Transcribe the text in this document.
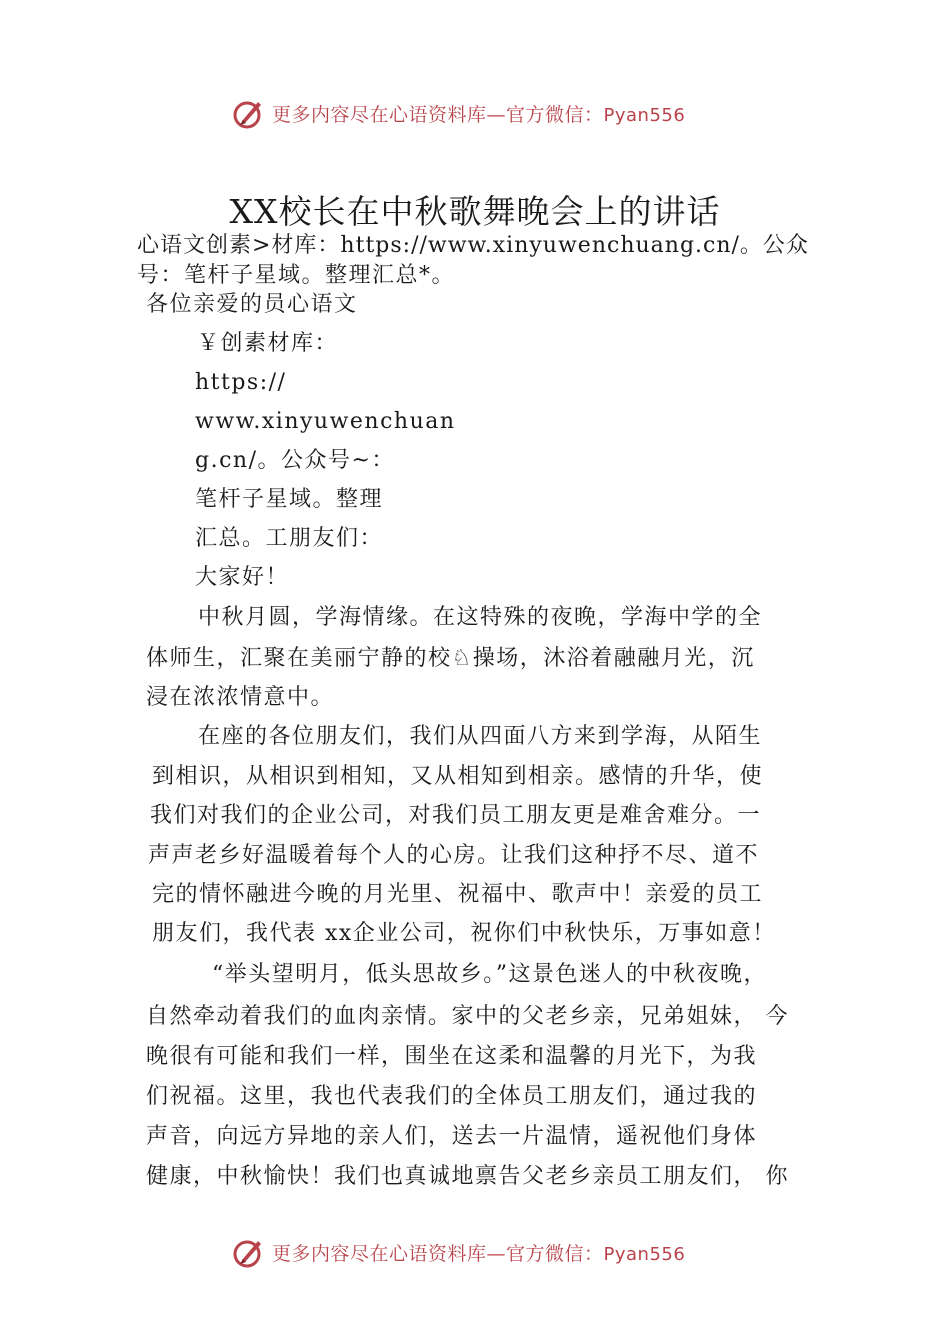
更多内容尽在心语资料库—官方微信：Pyan556
XX校长在中秋歌舞晚会上的讲话
心语文创素>材库：https://www.xinyuwenchuang.cn/。公众
号：笔杆子星域。整理汇总*。
各位亲爱的员心语文
￥创素材库：
https://
www.xinyuwenchuan
g.cn/。公众号~：
笔杆子星域。整理
汇总。工朋友们：
大家好！
中秋月圆，学海情缘。在这特殊的夜晚，学海中学的全
体师生，汇聚在美丽宁静的校♘操场，沐浴着融融月光，沉
浸在浓浓情意中。
在座的各位朋友们，我们从四面八方来到学海，从陌生
到相识，从相识到相知，又从相知到相亲。感情的升华，使
我们对我们的企业公司，对我们员工朋友更是难舍难分。一
声声老乡好温暖着每个人的心房。让我们这种抒不尽、道不
完的情怀融进今晚的月光里、祝福中、歌声中！亲爱的员工
朋友们，我代表 xx企业公司，祝你们中秋快乐，万事如意！
“举头望明月，低头思故乡。”这景色迷人的中秋夜晚，
自然牵动着我们的血肉亲情。家中的父老乡亲，兄弟姐妹， 今
晚很有可能和我们一样，围坐在这柔和温馨的月光下，为我
们祝福。这里，我也代表我们的全体员工朋友们，通过我的
声音，向远方异地的亲人们，送去一片温情，遥祝他们身体
健康，中秋愉快！我们也真诚地禀告父老乡亲员工朋友们， 你
更多内容尽在心语资料库—官方微信：Pyan556
